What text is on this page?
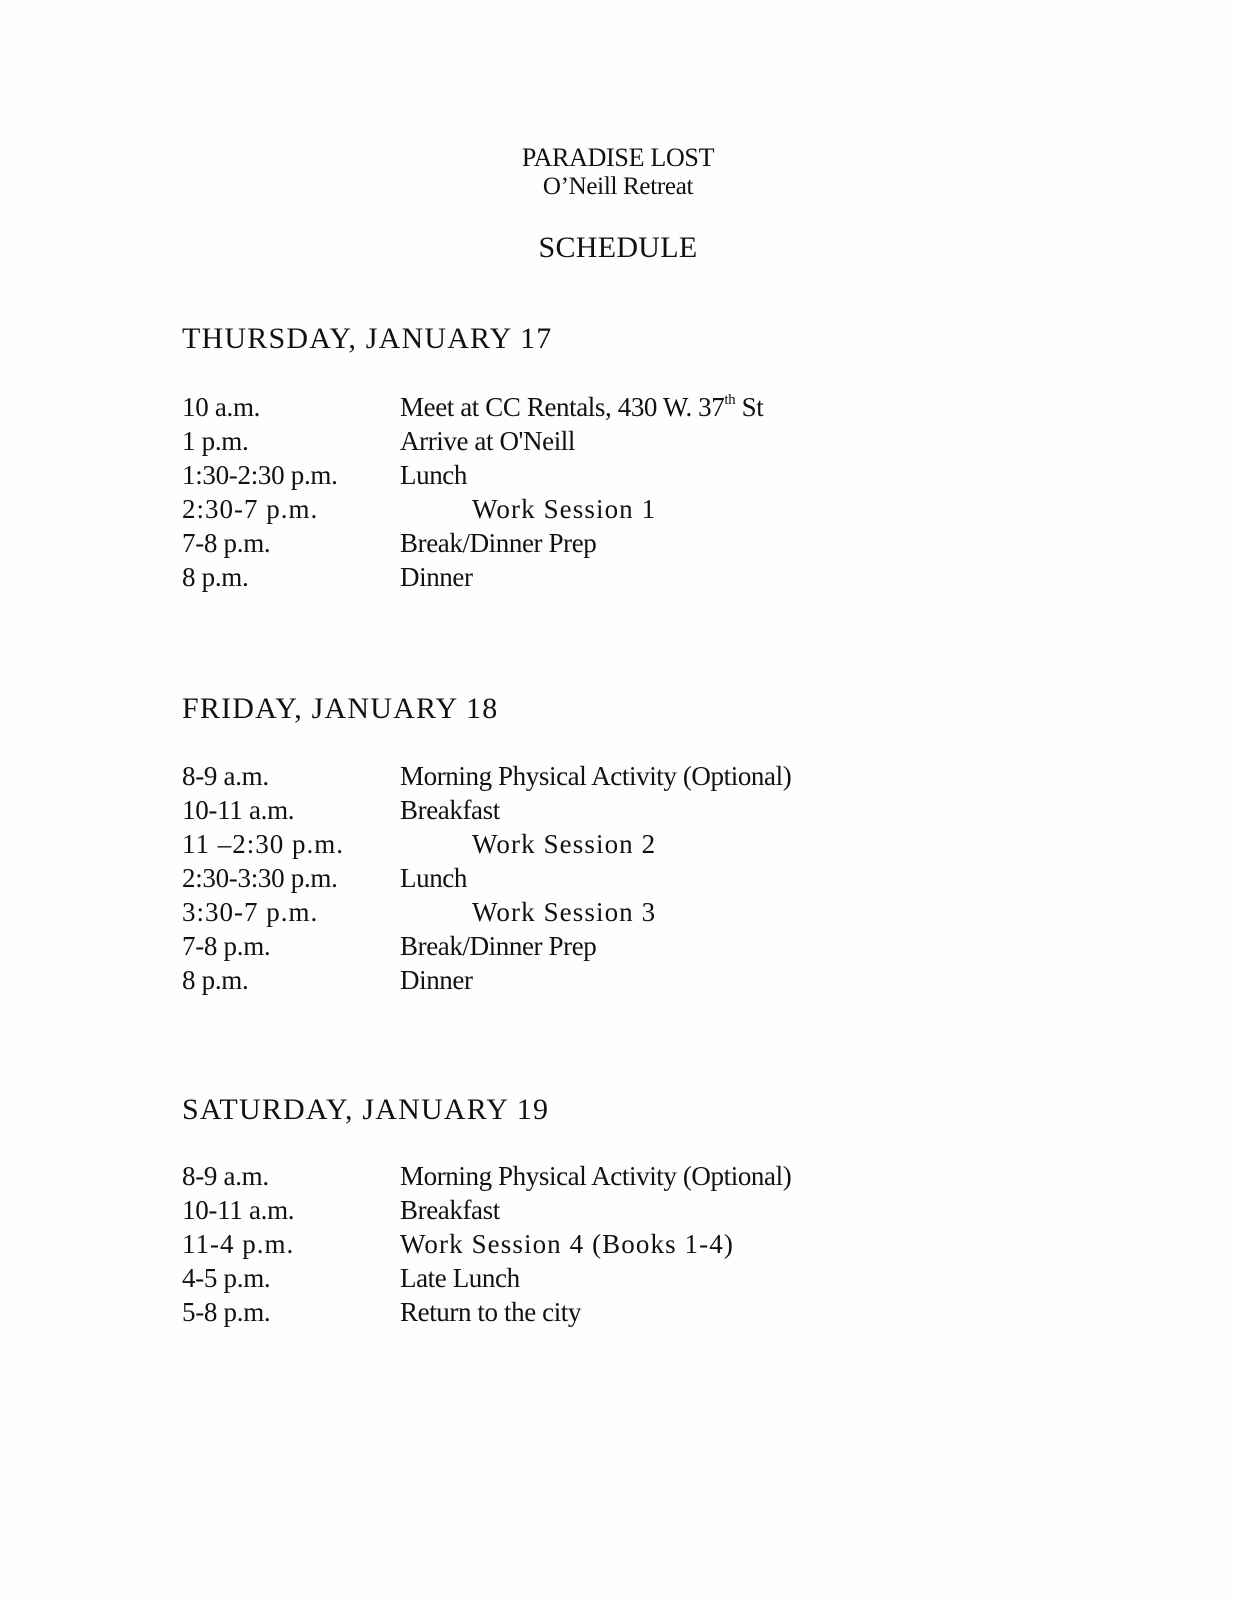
PARADISE LOST
O’Neill Retreat
SCHEDULE
THURSDAY, JANUARY 17
10 a.m.	Meet at CC Rentals, 430 W. 37th St
1 p.m.	Arrive at O'Neill
1:30-2:30 p.m. Lunch
2:30-7 p.m.	Work Session 1
7-8 p.m.	Break/Dinner Prep
8 p.m.	Dinner
FRIDAY, JANUARY 18
8-9 a.m.	Morning Physical Activity (Optional)
10-11 a.m.	Breakfast
11 –2:30 p.m.	Work Session 2
2:30-3:30 p.m. Lunch
3:30-7 p.m.	Work Session 3
7-8 p.m.	Break/Dinner Prep
8 p.m.	Dinner
SATURDAY, JANUARY 19
8-9 a.m.	Morning Physical Activity (Optional)
10-11 a.m.	Breakfast
11-4 p.m.	Work Session 4 (Books 1-4)
4-5 p.m.	Late Lunch
5-8 p.m.	Return to the city
